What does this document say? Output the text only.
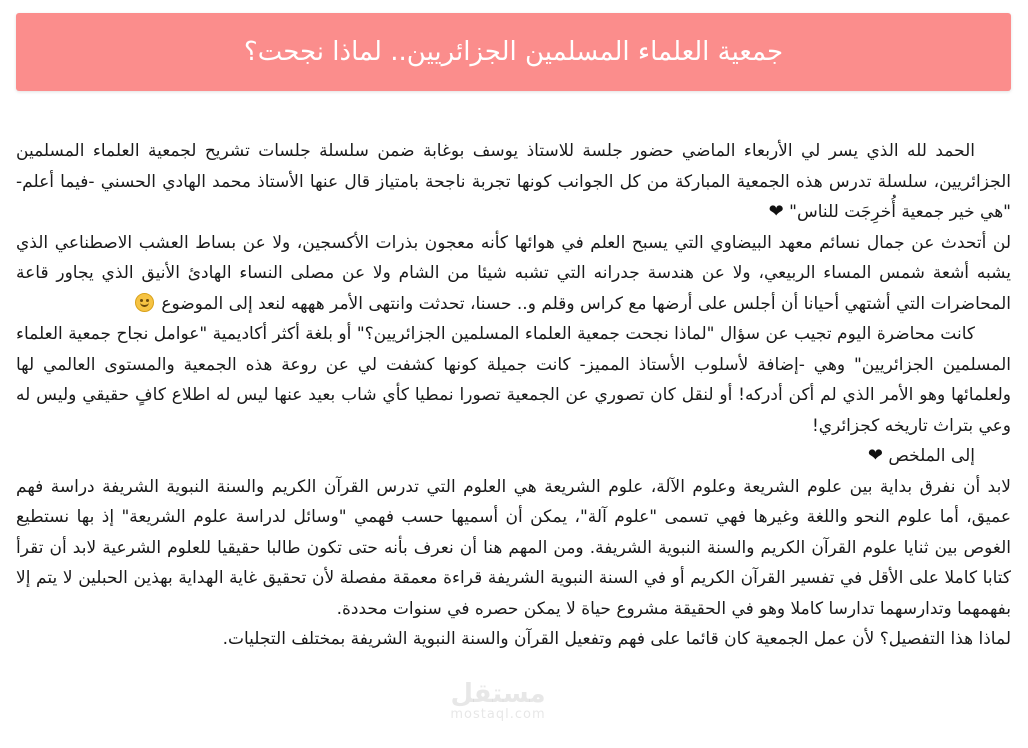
جمعية العلماء المسلمين الجزائريين.. لماذا نجحت؟

الحمد لله الذي يسر لي الأربعاء الماضي حضور جلسة للاستاذ يوسف بوغابة ضمن سلسلة جلسات تشريح لجمعية العلماء المسلمين الجزائريين، سلسلة تدرس هذه الجمعية المباركة من كل الجوانب كونها تجربة ناجحة بامتياز قال عنها الأستاذ محمد الهادي الحسني -فيما أعلم- "هي خير جمعية أُخرِجَت للناس" ❤

لن أتحدث عن جمال نسائم معهد البيضاوي التي يسبح العلم في هوائها كأنه معجون بذرات الأكسجين، ولا عن بساط العشب الاصطناعي الذي يشبه أشعة شمس المساء الربيعي، ولا عن هندسة جدرانه التي تشبه شيئا من الشام ولا عن مصلى النساء الهادئ الأنيق الذي يجاور قاعة المحاضرات التي أشتهي أحيانا أن أجلس على أرضها مع كراس وقلم و.. حسنا، تحدثت وانتهى الأمر هههه لنعد إلى الموضوع

كانت محاضرة اليوم تجيب عن سؤال "لماذا نجحت جمعية العلماء المسلمين الجزائريين؟" أو بلغة أكثر أكاديمية "عوامل نجاح جمعية العلماء المسلمين الجزائريين" وهي -إضافة لأسلوب الأستاذ المميز- كانت جميلة كونها كشفت لي عن روعة هذه الجمعية والمستوى العالمي لها ولعلمائها وهو الأمر الذي لم أكن أدركه! أو لنقل كان تصوري عن الجمعية تصورا نمطيا كأي شاب بعيد عنها ليس له اطلاع كافٍ حقيقي وليس له وعي بتراث تاريخه كجزائري!

إلى الملخص ❤

لابد أن نفرق بداية بين علوم الشريعة وعلوم الآلة، علوم الشريعة هي العلوم التي تدرس القرآن الكريم والسنة النبوية الشريفة دراسة فهم عميق، أما علوم النحو واللغة وغيرها فهي تسمى "علوم آلة"، يمكن أن أسميها حسب فهمي "وسائل لدراسة علوم الشريعة" إذ بها نستطيع الغوص بين ثنايا علوم القرآن الكريم والسنة النبوية الشريفة. ومن المهم هنا أن نعرف بأنه حتى تكون طالبا حقيقيا للعلوم الشرعية لابد أن تقرأ كتابا كاملا على الأقل في تفسير القرآن الكريم أو في السنة النبوية الشريفة قراءة معمقة مفصلة لأن تحقيق غاية الهداية بهذين الحبلين لا يتم إلا بفهمهما وتدارسهما تدارسا كاملا وهو في الحقيقة مشروع حياة لا يمكن حصره في سنوات محددة.

لماذا هذا التفصيل؟ لأن عمل الجمعية كان قائما على فهم وتفعيل القرآن والسنة النبوية الشريفة بمختلف التجليات.

مستقل
mostaql.com
